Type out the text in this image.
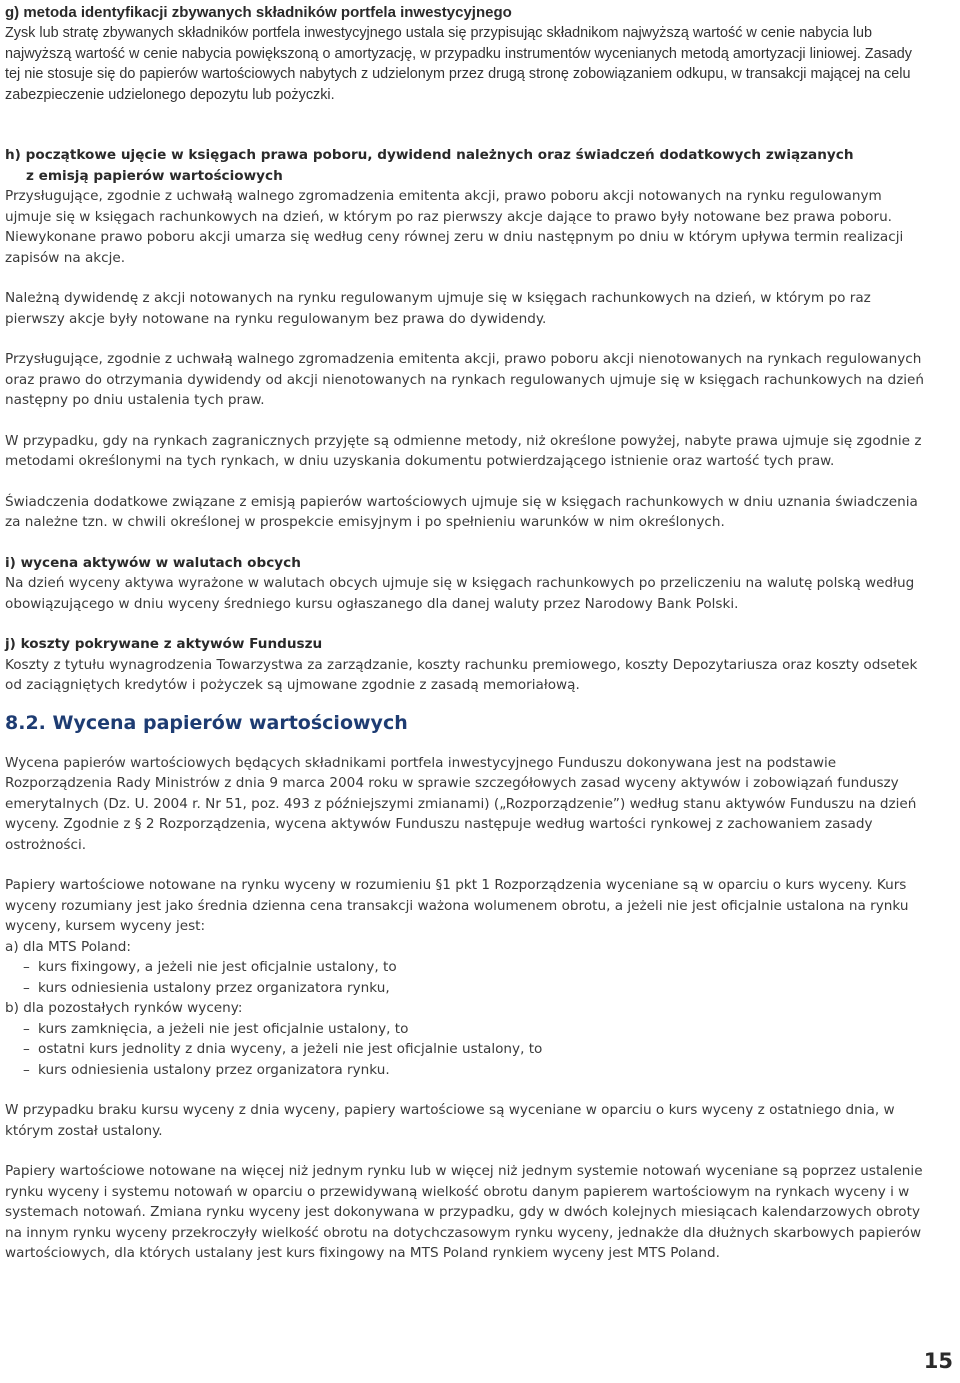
g) metoda identyfikacji zbywanych składników portfela inwestycyjnego
Zysk lub stratę zbywanych składników portfela inwestycyjnego ustala się przypisując składnikom najwyższą wartość w cenie nabycia lub najwyższą wartość w cenie nabycia powiększoną o amortyzację, w przypadku instrumentów wycenianych metodą amortyzacji liniowej. Zasady tej nie stosuje się do papierów wartościowych nabytych z udzielonym przez drugą stronę zobowiązaniem odkupu, w transakcji mającej na celu zabezpieczenie udzielonego depozytu lub pożyczki.
h) początkowe ujęcie w księgach prawa poboru, dywidend należnych oraz świadczeń dodatkowych związanych
z emisją papierów wartościowych

Przysługujące, zgodnie z uchwałą walnego zgromadzenia emitenta akcji, prawo poboru akcji notowanych na rynku regulowanym ujmuje się w księgach rachunkowych na dzień, w którym po raz pierwszy akcje dające to prawo były notowane bez prawa poboru. Niewykonane prawo poboru akcji umarza się według ceny równej zeru w dniu następnym po dniu w którym upływa termin realizacji zapisów na akcje.

Należną dywidendę z akcji notowanych na rynku regulowanym ujmuje się w księgach rachunkowych na dzień, w którym po raz pierwszy akcje były notowane na rynku regulowanym bez prawa do dywidendy.

Przysługujące, zgodnie z uchwałą walnego zgromadzenia emitenta akcji, prawo poboru akcji nienotowanych na rynkach regulowanych oraz prawo do otrzymania dywidendy od akcji nienotowanych na rynkach regulowanych ujmuje się w księgach rachunkowych na dzień następny po dniu ustalenia tych praw.

W przypadku, gdy na rynkach zagranicznych przyjęte są odmienne metody, niż określone powyżej, nabyte prawa ujmuje się zgodnie z metodami określonymi na tych rynkach, w dniu uzyskania dokumentu potwierdzającego istnienie oraz wartość tych praw.

Świadczenia dodatkowe związane z emisją papierów wartościowych ujmuje się w księgach rachunkowych w dniu uznania świadczenia za należne tzn. w chwili określonej w prospekcie emisyjnym i po spełnieniu warunków w nim określonych.

i) wycena aktywów w walutach obcych

Na dzień wyceny aktywa wyrażone w walutach obcych ujmuje się w księgach rachunkowych po przeliczeniu na walutę polską według obowiązującego w dniu wyceny średniego kursu ogłaszanego dla danej waluty przez Narodowy Bank Polski.

j) koszty pokrywane z aktywów Funduszu

Koszty z tytułu wynagrodzenia Towarzystwa za zarządzanie, koszty rachunku premiowego, koszty Depozytariusza oraz koszty odsetek od zaciągniętych kredytów i pożyczek są ujmowane zgodnie z zasadą memoriałową.

8.2. Wycena papierów wartościowych

Wycena papierów wartościowych będących składnikami portfela inwestycyjnego Funduszu dokonywana jest na podstawie Rozporządzenia Rady Ministrów z dnia 9 marca 2004 roku w sprawie szczegółowych zasad wyceny aktywów i zobowiązań funduszy emerytalnych (Dz. U. 2004 r. Nr 51, poz. 493 z późniejszymi zmianami) („Rozporządzenie”) według stanu aktywów Funduszu na dzień wyceny. Zgodnie z § 2 Rozporządzenia, wycena aktywów Funduszu następuje według wartości rynkowej z zachowaniem zasady ostrożności.

Papiery wartościowe notowane na rynku wyceny w rozumieniu §1 pkt 1 Rozporządzenia wyceniane są w oparciu o kurs wyceny. Kurs wyceny rozumiany jest jako średnia dzienna cena transakcji ważona wolumenem obrotu, a jeżeli nie jest oficjalnie ustalona na rynku wyceny, kursem wyceny jest:

a) dla MTS Poland:

– kurs fixingowy, a jeżeli nie jest oficjalnie ustalony, to
– kurs odniesienia ustalony przez organizatora rynku,

b) dla pozostałych rynków wyceny:

– kurs zamknięcia, a jeżeli nie jest oficjalnie ustalony, to
– ostatni kurs jednolity z dnia wyceny, a jeżeli nie jest oficjalnie ustalony, to
– kurs odniesienia ustalony przez organizatora rynku.

W przypadku braku kursu wyceny z dnia wyceny, papiery wartościowe są wyceniane w oparciu o kurs wyceny z ostatniego dnia, w którym został ustalony.

Papiery wartościowe notowane na więcej niż jednym rynku lub w więcej niż jednym systemie notowań wyceniane są poprzez ustalenie rynku wyceny i systemu notowań w oparciu o przewidywaną wielkość obrotu danym papierem wartościowym na rynkach wyceny i w systemach notowań. Zmiana rynku wyceny jest dokonywana w przypadku, gdy w dwóch kolejnych miesiącach kalendarzowych obroty na innym rynku wyceny przekroczyły wielkość obrotu na dotychczasowym rynku wyceny, jednakże dla dłużnych skarbowych papierów wartościowych, dla których ustalany jest kurs fixingowy na MTS Poland rynkiem wyceny jest MTS Poland.

15
